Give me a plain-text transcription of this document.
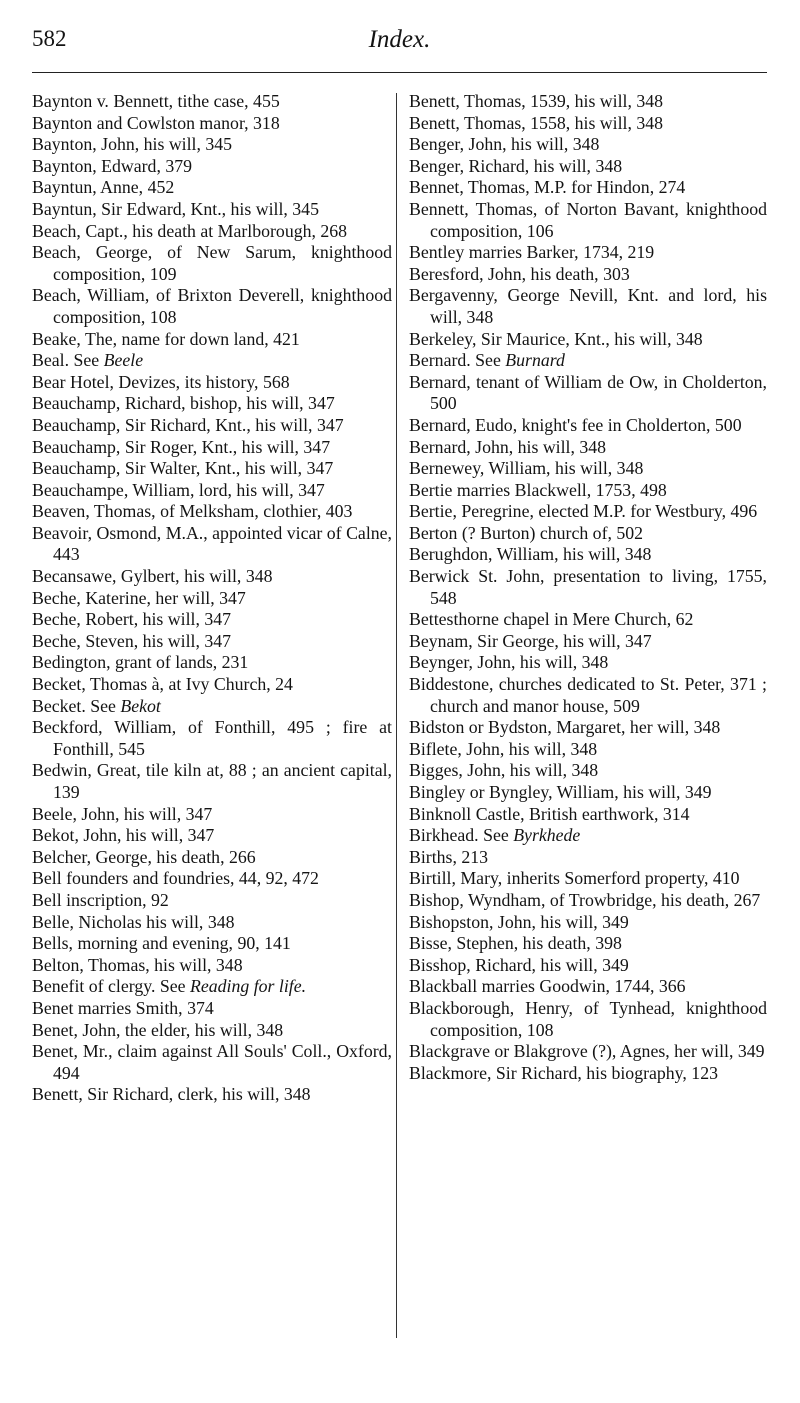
582	Index.

Baynton v. Bennett, tithe case, 455

Baynton and Cowlston manor, 318

Baynton, John, his will, 345

Baynton, Edward, 379

Bayntun, Anne, 452

Bayntun, Sir Edward, Knt., his will, 345

Beach, Capt., his death at Marlborough, 268

Beach, George, of New Sarum, knighthood composition, 109

Beach, William, of Brixton Deverell, knighthood composition, 108

Beake, The, name for down land, 421

Beal. See Beele

Bear Hotel, Devizes, its history, 568

Beauchamp, Richard, bishop, his will, 347

Beauchamp, Sir Richard, Knt., his will, 347

Beauchamp, Sir Roger, Knt., his will, 347

Beauchamp, Sir Walter, Knt., his will, 347

Beauchampe, William, lord, his will, 347

Beaven, Thomas, of Melksham, clothier, 403

Beavoir, Osmond, M.A., appointed vicar of Calne, 443

Becansawe, Gylbert, his will, 348

Beche, Katerine, her will, 347

Beche, Robert, his will, 347

Beche, Steven, his will, 347

Bedington, grant of lands, 231

Becket, Thomas à, at Ivy Church, 24

Becket. See Bekot

Beckford, William, of Fonthill, 495 ; fire at Fonthill, 545

Bedwin, Great, tile kiln at, 88 ; an ancient capital, 139

Beele, John, his will, 347

Bekot, John, his will, 347

Belcher, George, his death, 266

Bell founders and foundries, 44, 92, 472

Bell inscription, 92

Belle, Nicholas his will, 348

Bells, morning and evening, 90, 141

Belton, Thomas, his will, 348

Benefit of clergy. See Reading for life.

Benet marries Smith, 374

Benet, John, the elder, his will, 348

Benet, Mr., claim against All Souls' Coll., Oxford, 494

Benett, Sir Richard, clerk, his will, 348

Benett, Thomas, 1539, his will, 348

Benett, Thomas, 1558, his will, 348

Benger, John, his will, 348

Benger, Richard, his will, 348

Bennet, Thomas, M.P. for Hindon, 274

Bennett, Thomas, of Norton Bavant, knighthood composition, 106

Bentley marries Barker, 1734, 219

Beresford, John, his death, 303

Bergavenny, George Nevill, Knt. and lord, his will, 348

Berkeley, Sir Maurice, Knt., his will, 348

Bernard. See Burnard

Bernard, tenant of William de Ow, in Cholderton, 500

Bernard, Eudo, knight's fee in Cholderton, 500

Bernard, John, his will, 348

Bernewey, William, his will, 348

Bertie marries Blackwell, 1753, 498

Bertie, Peregrine, elected M.P. for Westbury, 496

Berton (? Burton) church of, 502

Berughdon, William, his will, 348

Berwick St. John, presentation to living, 1755, 548

Bettesthorne chapel in Mere Church, 62

Beynam, Sir George, his will, 347

Beynger, John, his will, 348

Biddestone, churches dedicated to St. Peter, 371 ; church and manor house, 509

Bidston or Bydston, Margaret, her will, 348

Biflete, John, his will, 348

Bigges, John, his will, 348

Bingley or Byngley, William, his will, 349

Binknoll Castle, British earthwork, 314

Birkhead. See Byrkhede

Births, 213

Birtill, Mary, inherits Somerford property, 410

Bishop, Wyndham, of Trowbridge, his death, 267

Bishopston, John, his will, 349

Bisse, Stephen, his death, 398

Bisshop, Richard, his will, 349

Blackball marries Goodwin, 1744, 366

Blackborough, Henry, of Tynhead, knighthood composition, 108

Blackgrave or Blakgrove (?), Agnes, her will, 349

Blackmore, Sir Richard, his biography, 123
